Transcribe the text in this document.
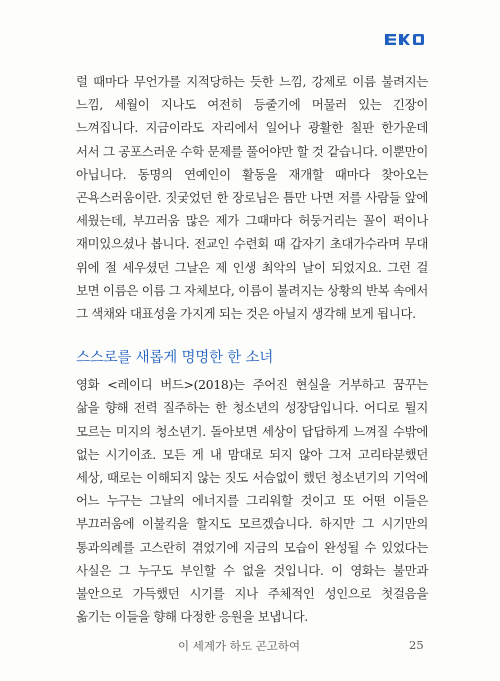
럴 때마다 무언가를 지적당하는 듯한 느낌, 강제로 이름 불려지는 느낌, 세월이 지나도 여전히 등줄기에 머물러 있는 긴장이 느껴집니다. 지금이라도 자리에서 일어나 광활한 칠판 한가운데 서서 그 공포스러운 수학 문제를 풀어야만 할 것 같습니다. 이뿐만이 아닙니다. 동명의 연예인이 활동을 재개할 때마다 찾아오는 곤욕스러움이란. 짓궂었던 한 장로님은 틈만 나면 저를 사람들 앞에 세웠는데, 부끄러움 많은 제가 그때마다 허둥거리는 꼴이 퍽이나 재미있으셨나 봅니다. 전교인 수련회 때 갑자기 초대가수라며 무대 위에 절 세우셨던 그날은 제 인생 최악의 날이 되었지요. 그런 걸 보면 이름은 이름 그 자체보다, 이름이 불려지는 상황의 반복 속에서 그 색채와 대표성을 가지게 되는 것은 아닐지 생각해 보게 됩니다.

스스로를 새롭게 명명한 한 소녀

영화 <레이디 버드>(2018)는 주어진 현실을 거부하고 꿈꾸는 삶을 향해 전력 질주하는 한 청소년의 성장담입니다. 어디로 튈지 모르는 미지의 청소년기. 돌아보면 세상이 답답하게 느껴질 수밖에 없는 시기이죠. 모든 게 내 맘대로 되지 않아 그저 고리타분했던 세상, 때로는 이해되지 않는 짓도 서슴없이 했던 청소년기의 기억에 어느 누구는 그날의 에너지를 그리워할 것이고 또 어떤 이들은 부끄러움에 이불킥을 할지도 모르겠습니다. 하지만 그 시기만의 통과의례를 고스란히 겪었기에 지금의 모습이 완성될 수 있었다는 사실은 그 누구도 부인할 수 없을 것입니다. 이 영화는 불만과 불안으로 가득했던 시기를 지나 주체적인 성인으로 첫걸음을 옮기는 이들을 향해 다정한 응원을 보냅니다.

이 세계가 하도 곤고하여	25
